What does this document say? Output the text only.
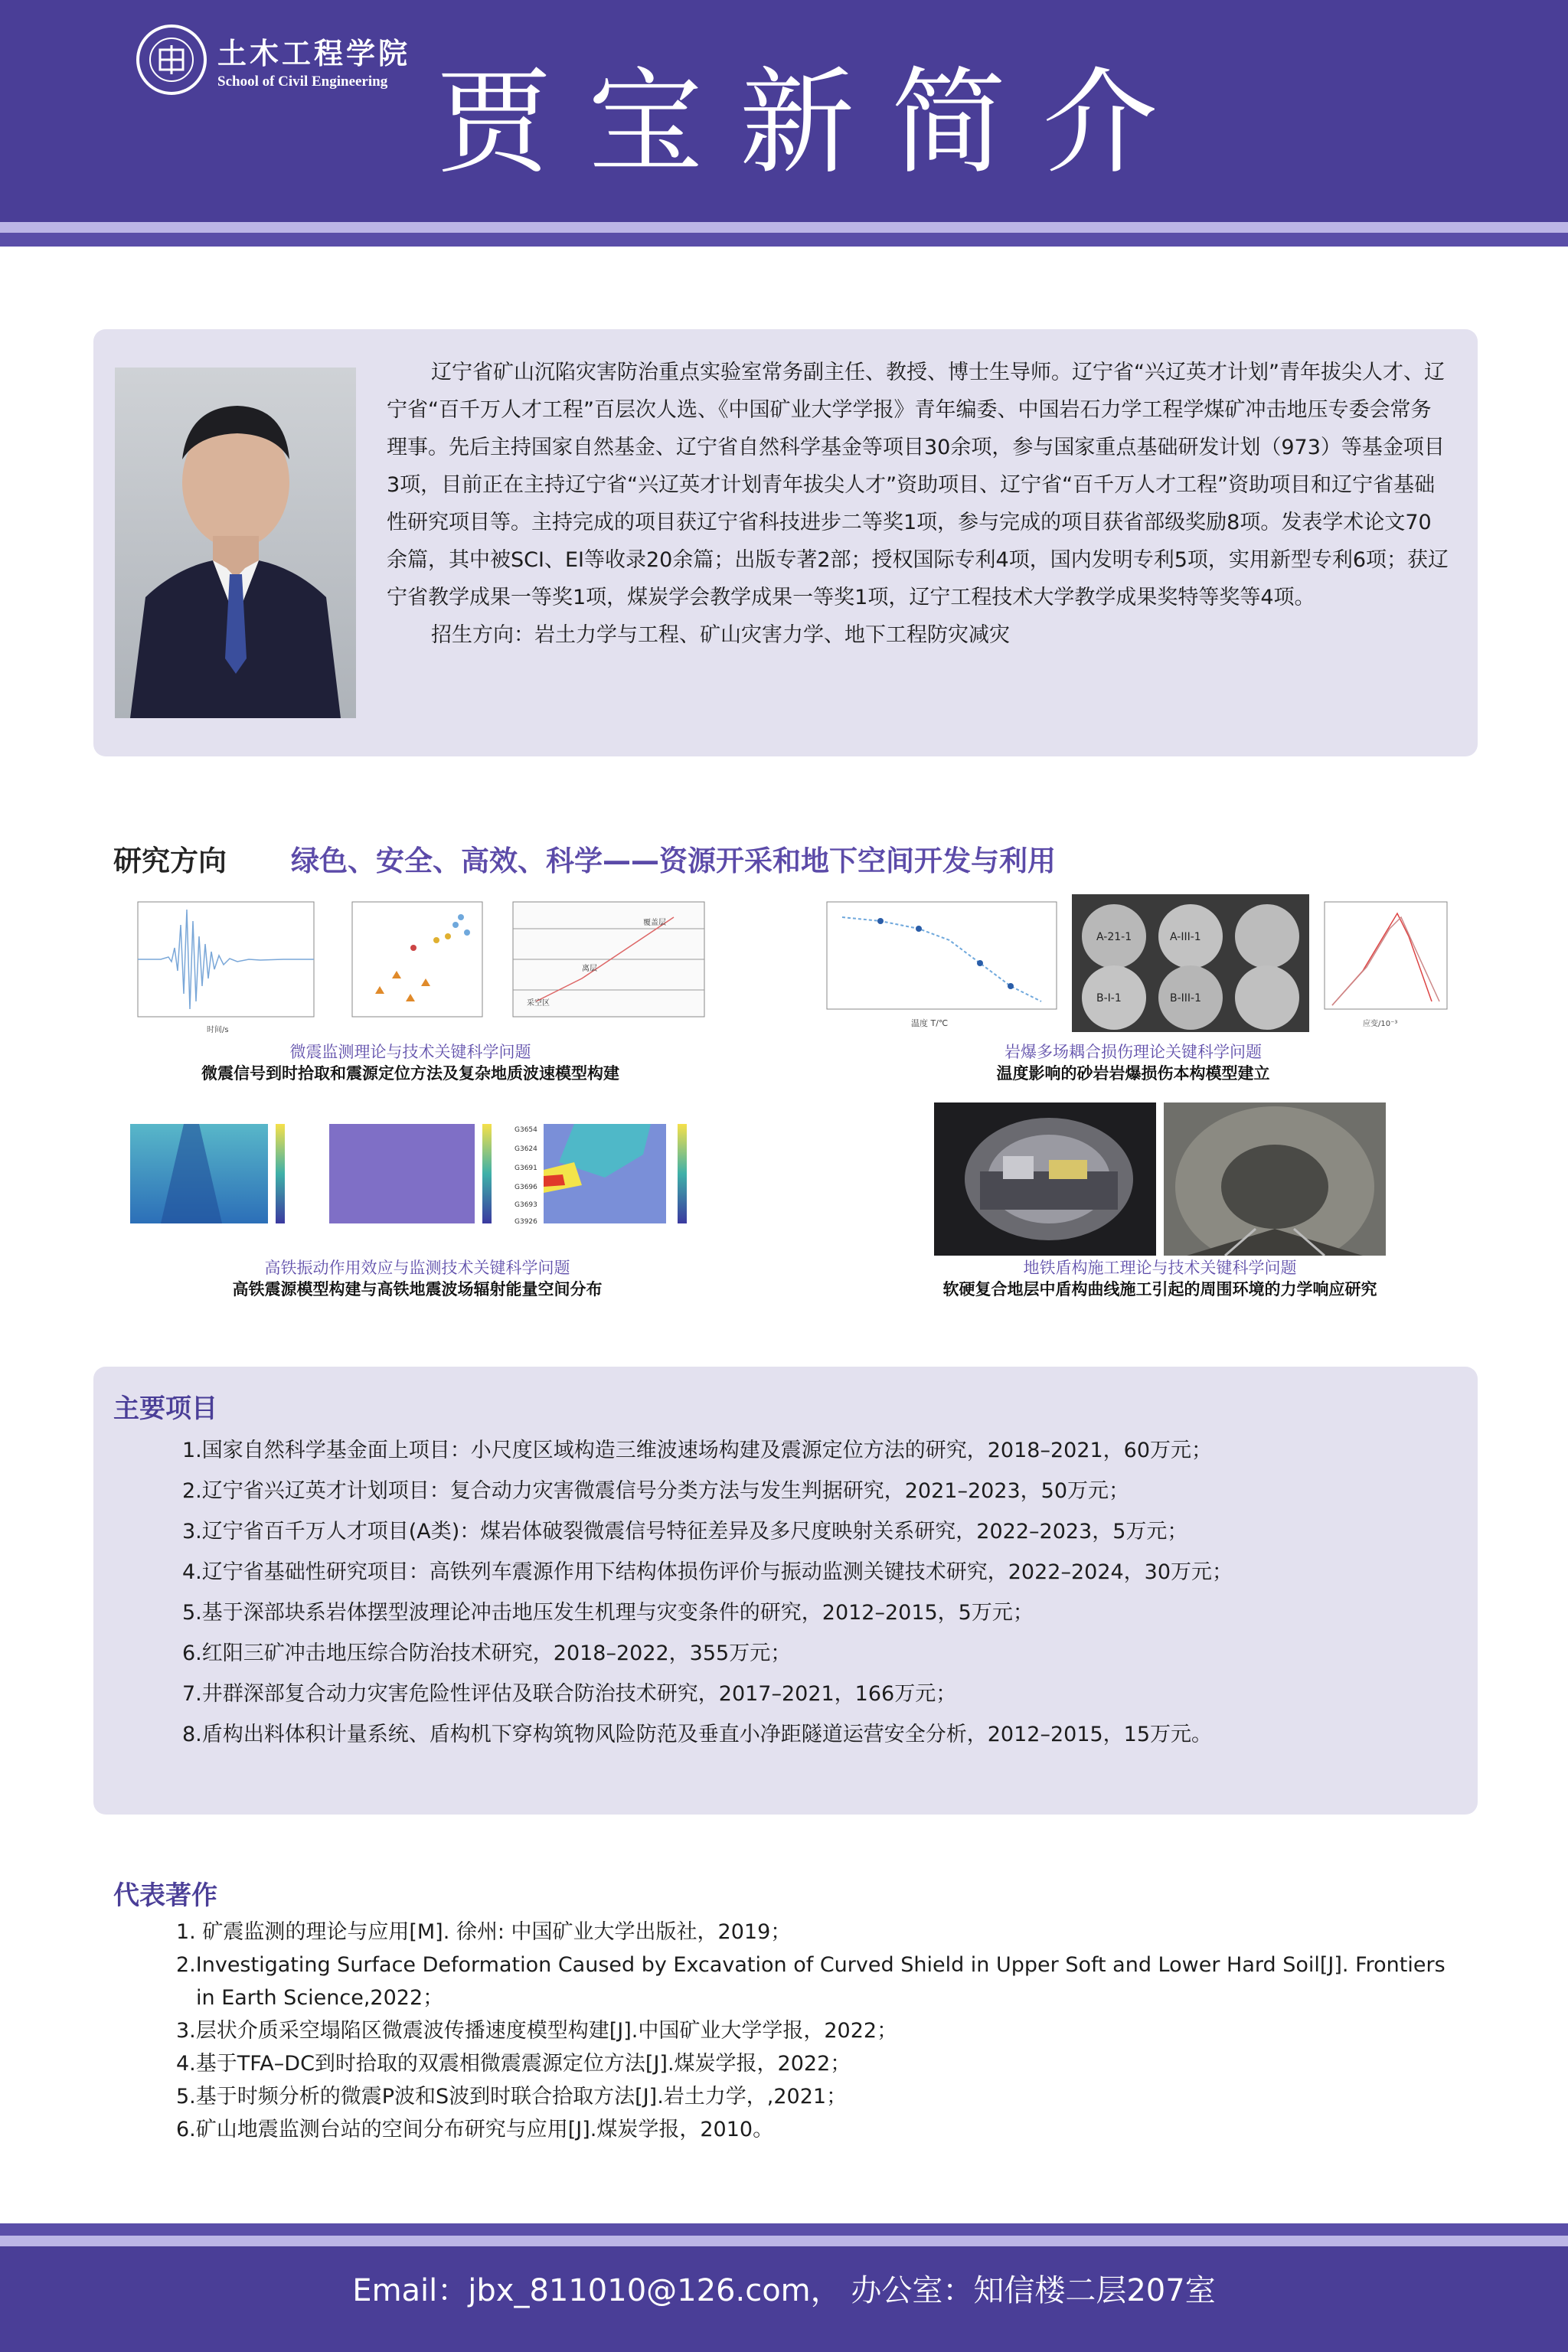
土木工程学院
School of Civil Engineering 贾宝新简介

辽宁省矿山沉陷灾害防治重点实验室常务副主任、教授、博士生导师。辽宁省“兴辽英才计划”青年拔尖人才、辽宁省“百千万人才工程”百层次人选、《中国矿业大学学报》青年编委、中国岩石力学工程学煤矿冲击地压专委会常务理事。先后主持国家自然基金、辽宁省自然科学基金等项目30余项，参与国家重点基础研发计划（973）等基金项目3项，目前正在主持辽宁省“兴辽英才计划青年拔尖人才”资助项目、辽宁省“百千万人才工程”资助项目和辽宁省基础性研究项目等。主持完成的项目获辽宁省科技进步二等奖1项，参与完成的项目获省部级奖励8项。发表学术论文70余篇，其中被SCI、EI等收录20余篇；出版专著2部；授权国际专利4项，国内发明专利5项，实用新型专利6项；获辽宁省教学成果一等奖1项，煤炭学会教学成果一等奖1项，辽宁工程技术大学教学成果奖特等奖等4项。

招生方向：岩土力学与工程、矿山灾害力学、地下工程防灾减灾

研究方向 绿色、安全、高效、科学——资源开采和地下空间开发与利用
时间/s
覆盖层
离层
采空区
微震监测理论与技术关键科学问题
微震信号到时拾取和震源定位方法及复杂地质波速模型构建
温度 T/℃
A-21-1	A-III-1
B-I-1	B-III-1
应变/10⁻³
岩爆多场耦合损伤理论关键科学问题
温度影响的砂岩岩爆损伤本构模型建立
G3654
G3624
G3691
G3696
G3693
G3926
高铁振动作用效应与监测技术关键科学问题
高铁震源模型构建与高铁地震波场辐射能量空间分布
地铁盾构施工理论与技术关键科学问题
软硬复合地层中盾构曲线施工引起的周围环境的力学响应研究
主要项目
1.国家自然科学基金面上项目：小尺度区域构造三维波速场构建及震源定位方法的研究，2018–2021，60万元；
2.辽宁省兴辽英才计划项目：复合动力灾害微震信号分类方法与发生判据研究，2021–2023，50万元；
3.辽宁省百千万人才项目(A类)：煤岩体破裂微震信号特征差异及多尺度映射关系研究，2022–2023，5万元；
4.辽宁省基础性研究项目：高铁列车震源作用下结构体损伤评价与振动监测关键技术研究，2022–2024，30万元；
5.基于深部块系岩体摆型波理论冲击地压发生机理与灾变条件的研究，2012–2015，5万元；
6.红阳三矿冲击地压综合防治技术研究，2018–2022，355万元；
7.井群深部复合动力灾害危险性评估及联合防治技术研究，2017–2021，166万元；
8.盾构出料体积计量系统、盾构机下穿构筑物风险防范及垂直小净距隧道运营安全分析，2012–2015，15万元。
代表著作
1. 矿震监测的理论与应用[M]. 徐州: 中国矿业大学出版社，2019；
2.Investigating Surface Deformation Caused by Excavation of Curved Shield in Upper Soft and Lower Hard Soil[J]. Frontiers in Earth Science,2022；
3.层状介质采空塌陷区微震波传播速度模型构建[J].中国矿业大学学报，2022；
4.基于TFA–DC到时拾取的双震相微震震源定位方法[J].煤炭学报，2022；
5.基于时频分析的微震P波和S波到时联合拾取方法[J].岩土力学，,2021；
6.矿山地震监测台站的空间分布研究与应用[J].煤炭学报，2010。
Email：jbx_811010@126.com， 办公室：知信楼二层207室
